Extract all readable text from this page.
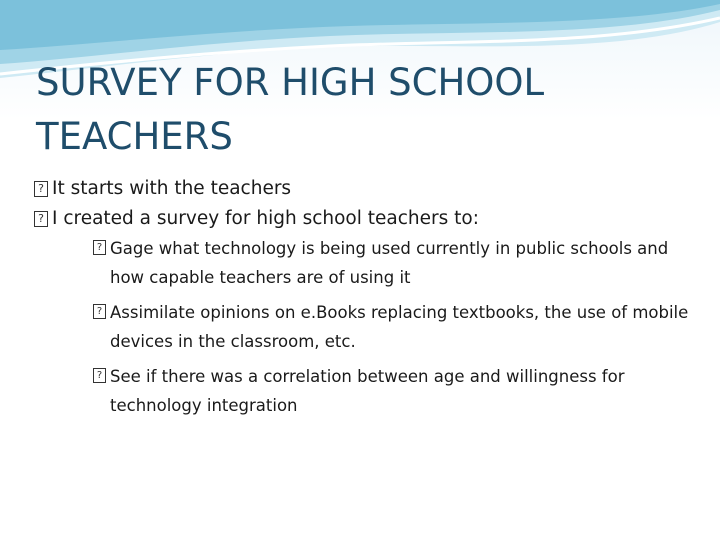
SURVEY FOR HIGH SCHOOL
TEACHERS
? It starts with the teachers
? I created a survey for high school teachers to:
? Gage what technology is being used currently in public schools and how capable teachers are of using it
? Assimilate opinions on e.Books replacing textbooks, the use of mobile devices in the classroom, etc.
? See if there was a correlation between age and willingness for technology integration
